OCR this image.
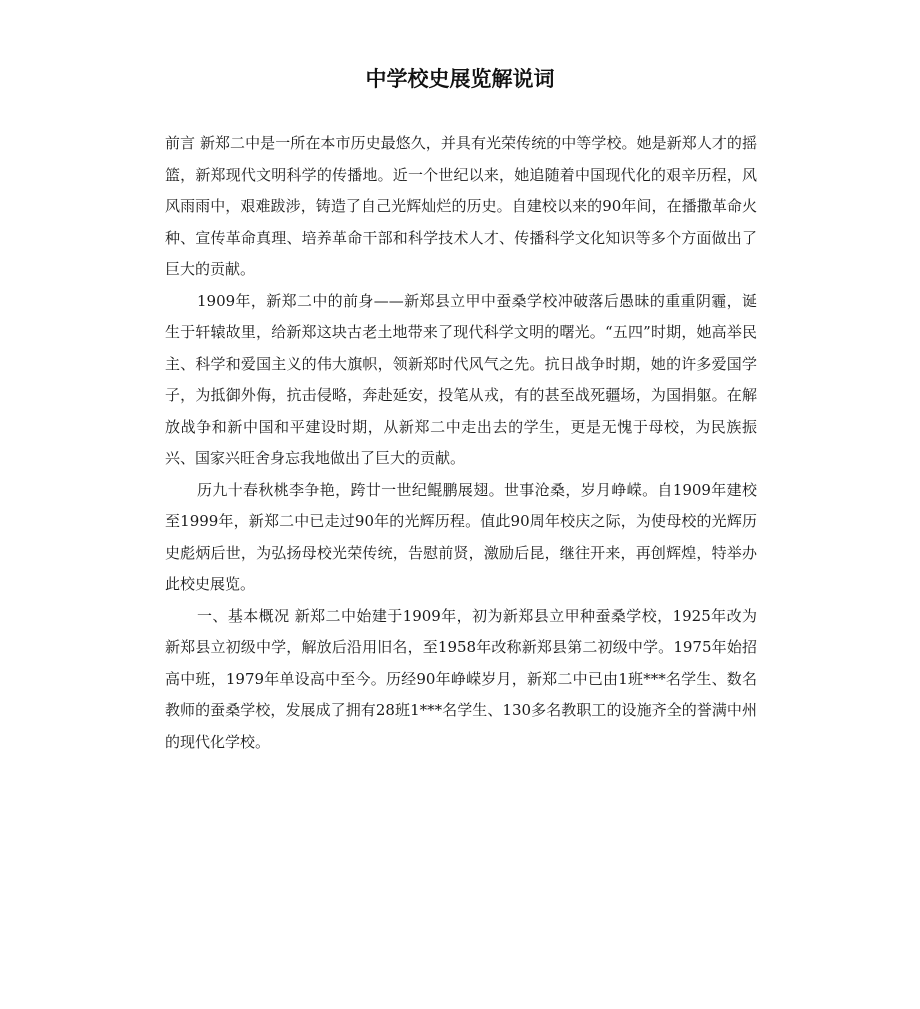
中学校史展览解说词

前言 新郑二中是一所在本市历史最悠久，并具有光荣传统的中等学校。她是新郑人才的摇篮，新郑现代文明科学的传播地。近一个世纪以来，她追随着中国现代化的艰辛历程，风风雨雨中，艰难跋涉，铸造了自己光辉灿烂的历史。自建校以来的90年间，在播撒革命火种、宣传革命真理、培养革命干部和科学技术人才、传播科学文化知识等多个方面做出了巨大的贡献。

1909年，新郑二中的前身——新郑县立甲中蚕桑学校冲破落后愚昧的重重阴霾，诞生于轩辕故里，给新郑这块古老土地带来了现代科学文明的曙光。“五四”时期，她高举民主、科学和爱国主义的伟大旗帜，领新郑时代风气之先。抗日战争时期，她的许多爱国学子，为抵御外侮，抗击侵略，奔赴延安，投笔从戎，有的甚至战死疆场，为国捐躯。在解放战争和新中国和平建设时期，从新郑二中走出去的学生，更是无愧于母校，为民族振兴、国家兴旺舍身忘我地做出了巨大的贡献。

历九十春秋桃李争艳，跨廿一世纪鲲鹏展翅。世事沧桑，岁月峥嵘。自1909年建校至1999年，新郑二中已走过90年的光辉历程。值此90周年校庆之际，为使母校的光辉历史彪炳后世，为弘扬母校光荣传统，告慰前贤，激励后昆，继往开来，再创辉煌，特举办此校史展览。

一、基本概况 新郑二中始建于1909年，初为新郑县立甲种蚕桑学校，1925年改为新郑县立初级中学，解放后沿用旧名，至1958年改称新郑县第二初级中学。1975年始招高中班，1979年单设高中至今。历经90年峥嵘岁月，新郑二中已由1班***名学生、数名教师的蚕桑学校，发展成了拥有28班1***名学生、130多名教职工的设施齐全的誉满中州的现代化学校。
